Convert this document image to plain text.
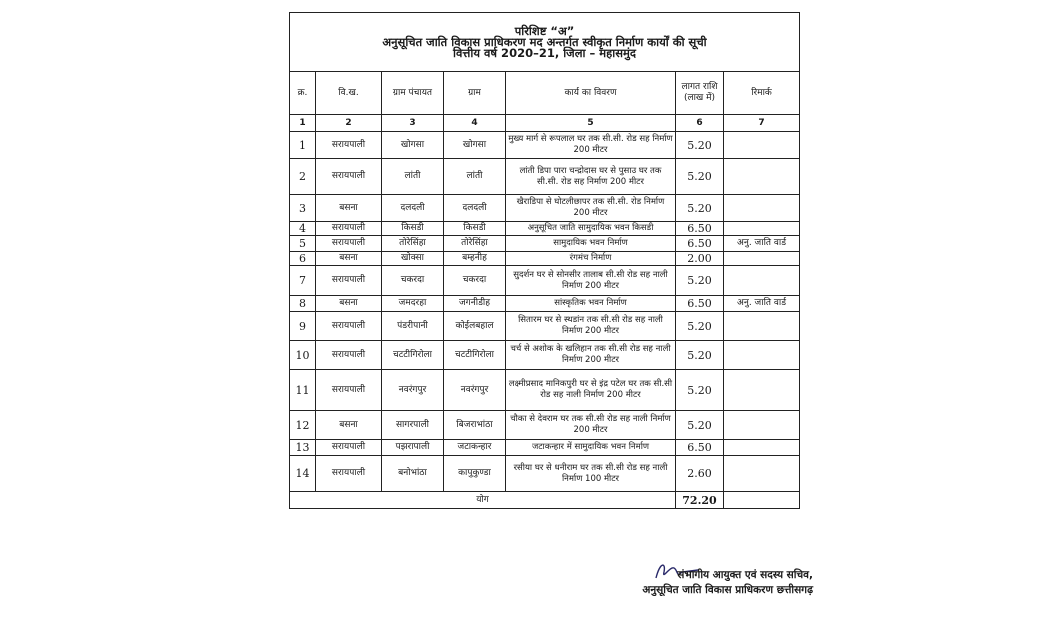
परिशिष्ट “अ”
अनुसूचित जाति विकास प्राधिकरण मद अन्तर्गत स्वीकृत निर्माण कार्यों की सूची
वित्तीय वर्ष 2020–21, जिला – महासमुंद						

क्र.	वि.ख.	ग्राम पंचायत	ग्राम	कार्य का विवरण	लागत राशि (लाख में)	रिमार्क
1	2	3	4	5	6	7
1	सरायपाली	खोगसा	खोगसा	मुख्य मार्ग से रूपलाल घर तक सी.सी. रोड सह निर्माण 200 मीटर	5.20	
2	सरायपाली	लांती	लांती	लांती डिपा पारा चन्द्रोदास घर से पुसाउ घर तक सी.सी. रोड सह निर्माण 200 मीटर	5.20	
3	बसना	दलदली	दलदली	खैराडिपा से घोटलीछापर तक सी.सी. रोड निर्माण 200 मीटर	5.20	
4	सरायपाली	किसडी	किसडी	अनुसूचित जाति सामुदायिक भवन किसडी	6.50	
5	सरायपाली	तोरेसिंहा	तोरेसिंहा	सामुदायिक भवन निर्माण	6.50	अनु. जाति वार्ड
6	बसना	खोक्सा	बम्हनीह	रंगमंच निर्माण	2.00	
7	सरायपाली	चकरदा	चकरदा	सुदर्शन घर से सोनसीर तालाब सी.सी रोड सह नाली निर्माण 200 मीटर	5.20	
8	बसना	जमदरहा	जगनीडीह	सांस्कृतिक भवन निर्माण	6.50	अनु. जाति वार्ड
9	सरायपाली	पंडरीपानी	कोईलबहाल	सितारम घर से स्थडांन तक सी.सी रोड सह नाली निर्माण 200 मीटर	5.20	
10	सरायपाली	चटटीगिरोला	चटटीगिरोला	चर्च से अशोक के खलिहान तक सी.सी रोड सह नाली निर्माण 200 मीटर	5.20	
11	सरायपाली	नवरंगपुर	नवरंगपुर	लक्ष्मीप्रसाद मानिकपुरी घर से इंद्र पटेल घर तक सी.सी रोड सह नाली निर्माण 200 मीटर	5.20	
12	बसना	सागरपाली	बिजराभांठा	चौका से देवराम घर तक सी.सी रोड सह नाली निर्माण 200 मीटर	5.20	
13	सरायपाली	पझरापाली	जटाकन्हार	जटाकन्हार में सामुदायिक भवन निर्माण	6.50	
14	सरायपाली	बनोभांठा	कापुकुण्डा	रसीया घर से धनीराम घर तक सी.सी रोड सह नाली निर्माण 100 मीटर	2.60	
योग					72.20	
संभागीय आयुक्त एवं सदस्य सचिव,
अनुसूचित जाति विकास प्राधिकरण छत्तीसगढ़
